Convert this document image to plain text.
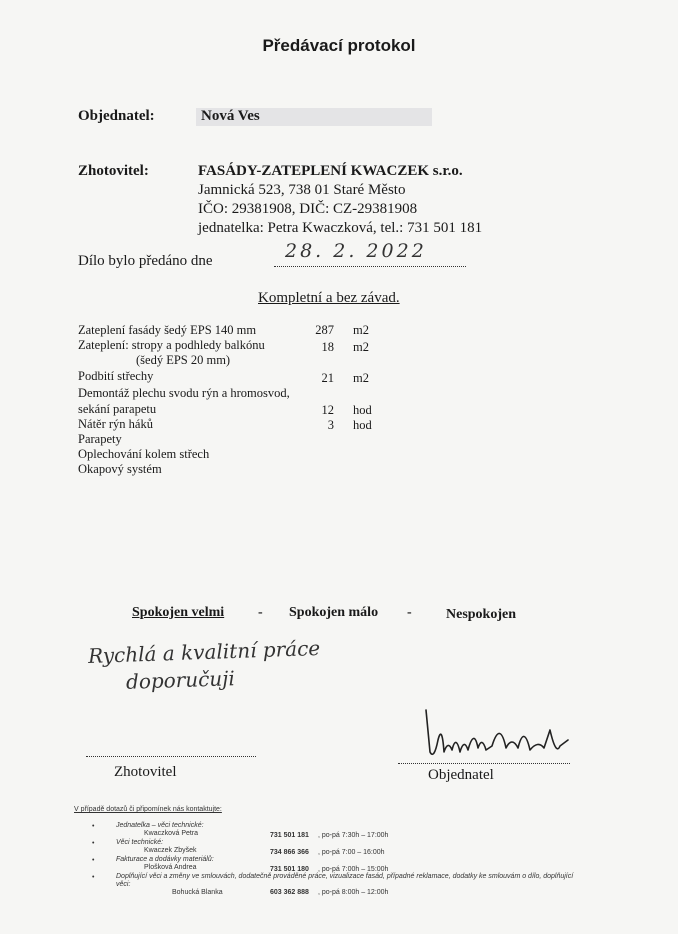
Předávací protokol
Objednatel:	Nová Ves
Zhotovitel:	FASÁDY-ZATEPLENÍ KWACZEK s.r.o.
Jamnická 523, 738 01 Staré Město
IČO: 29381908, DIČ: CZ-29381908
jednatelka: Petra Kwaczková, tel.: 731 501 181
Dílo bylo předáno dne	28. 2. 2022
Kompletní a bez závad.
Zateplení fasády šedý EPS 140 mm	287 m2
Zateplení: stropy a podhledy balkónu	18 m2
(šedý EPS 20 mm)
Podbití střechy	21 m2
Demontáž plechu svodu rýn a hromosvod,
sekání parapetu	12 hod
Nátěr rýn háků	3 hod
Parapety
Oplechování kolem střech
Okapový systém
Spokojen velmi - Spokojen málo - Nespokojen
Rychlá a kvalitní práce
doporučuji
Zhotovitel	Objednatel
V případě dotazů či připomínek nás kontaktujte:
•	Jednatelka – věci technické:
Kwaczková Petra	731 501 181 , po-pá 7:30h – 17:00h
•	Věci technické:
Kwaczek Zbyšek	734 866 366 , po-pá 7:00 – 16:00h
•	Fakturace a dodávky materiálů:
Plošková Andrea	731 501 180 , po-pá 7:00h – 15:00h
•	Doplňující věci a změny ve smlouvách, dodatečně prováděné práce, vizualizace fasád, případné reklamace, dodatky ke smlouvám o dílo, doplňující věci:
Bohucká Blanka	603 362 888 , po-pá 8:00h – 12:00h
